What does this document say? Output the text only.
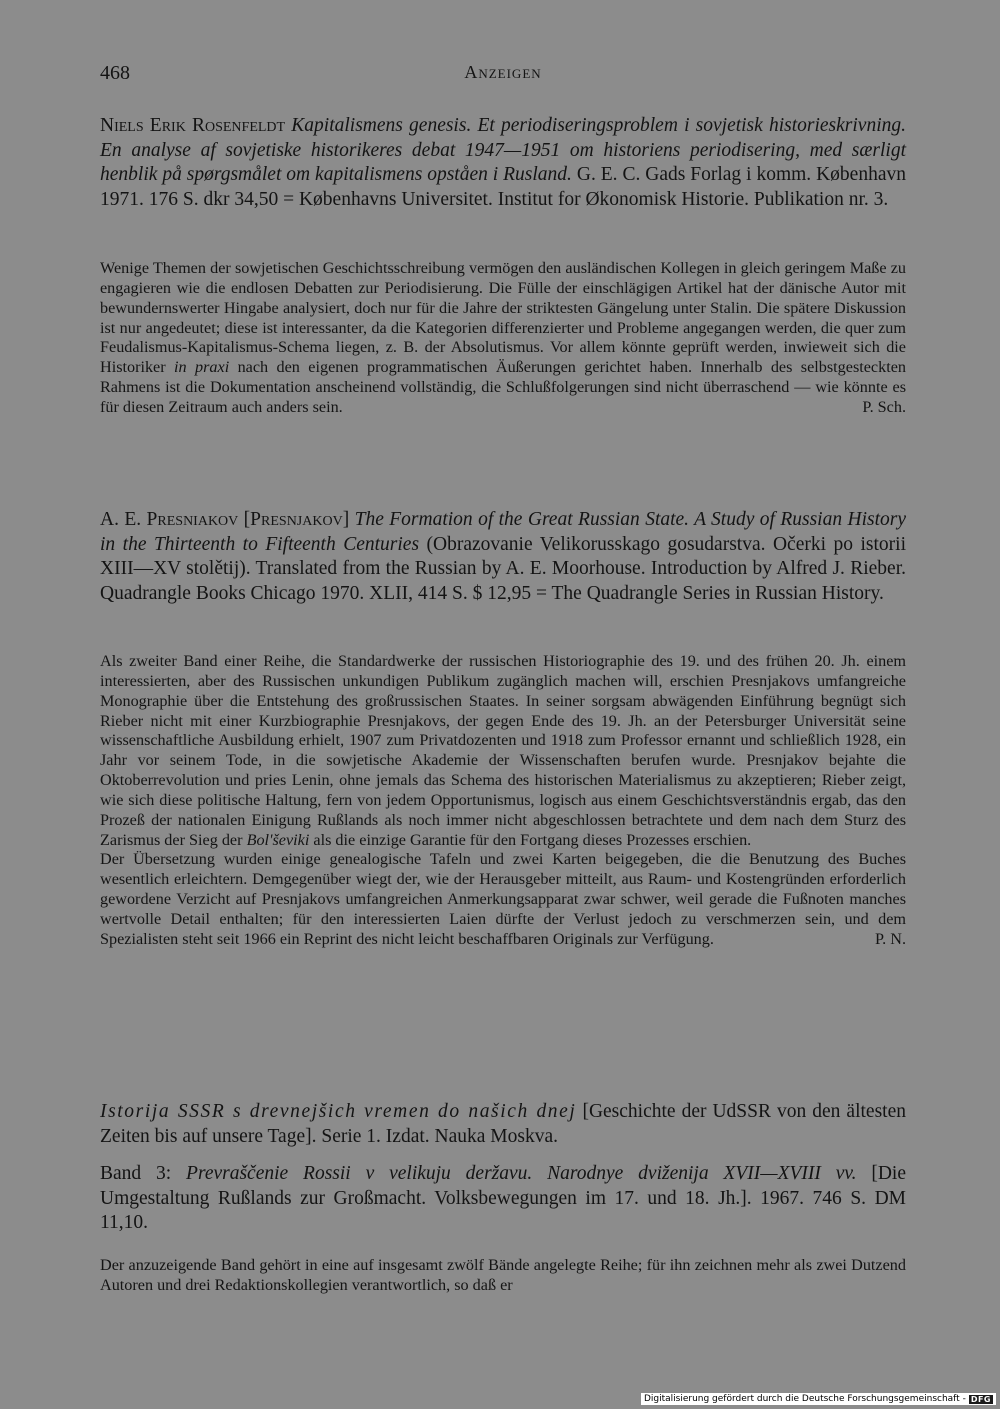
468	Anzeigen

Niels Erik Rosenfeldt Kapitalismens genesis. Et periodiseringsproblem i sovjetisk historieskrivning. En analyse af sovjetiske historikeres debat 1947—1951 om historiens periodisering, med særligt henblik på spørgsmålet om kapitalismens opståen i Rusland. G. E. C. Gads Forlag i komm. København 1971. 176 S. dkr 34,50 = Københavns Universitet. Institut for Økonomisk Historie. Publikation nr. 3.

Wenige Themen der sowjetischen Geschichtsschreibung vermögen den ausländischen Kollegen in gleich geringem Maße zu engagieren wie die endlosen Debatten zur Periodisierung. Die Fülle der einschlägigen Artikel hat der dänische Autor mit bewundernswerter Hingabe analysiert, doch nur für die Jahre der striktesten Gängelung unter Stalin. Die spätere Diskussion ist nur angedeutet; diese ist interessanter, da die Kategorien differenzierter und Probleme angegangen werden, die quer zum Feudalismus-Kapitalismus-Schema liegen, z. B. der Absolutismus. Vor allem könnte geprüft werden, inwieweit sich die Historiker in praxi nach den eigenen programmatischen Äußerungen gerichtet haben. Innerhalb des selbstgesteckten Rahmens ist die Dokumentation anscheinend vollständig, die Schlußfolgerungen sind nicht überraschend — wie könnte es für diesen Zeitraum auch anders sein.	P. Sch.

A. E. Presniakov [Presnjakov] The Formation of the Great Russian State. A Study of Russian History in the Thirteenth to Fifteenth Centuries (Obrazovanie Velikorusskago gosudarstva. Očerki po istorii XIII—XV stolětij). Translated from the Russian by A. E. Moorhouse. Introduction by Alfred J. Rieber. Quadrangle Books Chicago 1970. XLII, 414 S. $ 12,95 = The Quadrangle Series in Russian History.

Als zweiter Band einer Reihe, die Standardwerke der russischen Historiographie des 19. und des frühen 20. Jh. einem interessierten, aber des Russischen unkundigen Publikum zugänglich machen will, erschien Presnjakovs umfangreiche Monographie über die Entstehung des großrussischen Staates. In seiner sorgsam abwägenden Einführung begnügt sich Rieber nicht mit einer Kurzbiographie Presnjakovs, der gegen Ende des 19. Jh. an der Petersburger Universität seine wissenschaftliche Ausbildung erhielt, 1907 zum Privatdozenten und 1918 zum Professor ernannt und schließlich 1928, ein Jahr vor seinem Tode, in die sowjetische Akademie der Wissenschaften berufen wurde. Presnjakov bejahte die Oktoberrevolution und pries Lenin, ohne jemals das Schema des historischen Materialismus zu akzeptieren; Rieber zeigt, wie sich diese politische Haltung, fern von jedem Opportunismus, logisch aus einem Geschichtsverständnis ergab, das den Prozeß der nationalen Einigung Rußlands als noch immer nicht abgeschlossen betrachtete und dem nach dem Sturz des Zarismus der Sieg der Bol'ševiki als die einzige Garantie für den Fortgang dieses Prozesses erschien.

Der Übersetzung wurden einige genealogische Tafeln und zwei Karten beigegeben, die die Benutzung des Buches wesentlich erleichtern. Demgegenüber wiegt der, wie der Herausgeber mitteilt, aus Raum- und Kostengründen erforderlich gewordene Verzicht auf Presnjakovs umfangreichen Anmerkungsapparat zwar schwer, weil gerade die Fußnoten manches wertvolle Detail enthalten; für den interessierten Laien dürfte der Verlust jedoch zu verschmerzen sein, und dem Spezialisten steht seit 1966 ein Reprint des nicht leicht beschaffbaren Originals zur Verfügung.	P. N.

Istorija SSSR s drevnejšich vremen do našich dnej [Geschichte der UdSSR von den ältesten Zeiten bis auf unsere Tage]. Serie 1. Izdat. Nauka Moskva.

Band 3: Prevraščenie Rossii v velikuju deržavu. Narodnye dviženija XVII—XVIII vv. [Die Umgestaltung Rußlands zur Großmacht. Volksbewegungen im 17. und 18. Jh.]. 1967. 746 S. DM 11,10.

Der anzuzeigende Band gehört in eine auf insgesamt zwölf Bände angelegte Reihe; für ihn zeichnen mehr als zwei Dutzend Autoren und drei Redaktionskollegien verantwortlich, so daß er

Digitalisierung gefördert durch die Deutsche Forschungsgemeinschaft - DFG
